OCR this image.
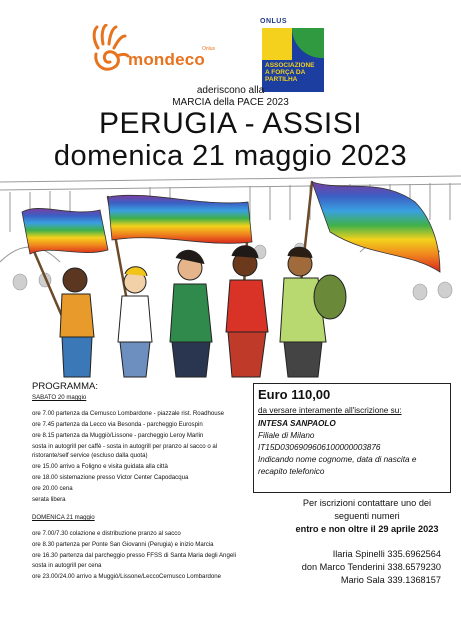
mondeco
Onlus
ONLUS
ASSOCIAZIONE
A FORÇA DA
PARTILHA
aderiscono alla
MARCIA della PACE 2023
PERUGIA - ASSISI
domenica 21 maggio 2023
PROGRAMMA:
SABATO 20 maggio
ore 7.00 partenza da Cernusco Lombardone - piazzale rist. Roadhouse
ore 7.45 partenza da Lecco via Besonda - parcheggio Eurospin
ore 8.15 partenza da Muggiò/Lissone - parcheggio Leroy Marlin
sosta in autogrill per caffè - sosta in autogrill per pranzo al sacco o al
ristorante/self service (escluso dalla quota)
ore 15.00 arrivo a Foligno e visita guidata alla città
ore 18.00 sistemazione presso Victor Center Capodacqua
ore 20.00 cena
serata libera
DOMENICA 21 maggio
ore 7.00/7.30 colazione e distribuzione pranzo al sacco
ore 8.30 partenza per Ponte San Giovanni (Perugia) e inizio Marcia
ore 16.30 partenza dal parcheggio presso FFSS di Santa Maria degli Angeli
sosta in autogrill per cena
ore 23.00/24.00 arrivo a Muggiò/Lissone/LeccoCernusco Lombardone
Euro 110,00
da versare interamente all'iscrizione su:
INTESA SANPAOLO
Filiale di Milano
IT15D0306909606100000003876
Indicando nome cognome, data di nascita e
recapito telefonico
Per iscrizioni contattare uno dei
seguenti numeri
entro e non oltre il 29 aprile 2023
Ilaria Spinelli 335.6962564
don Marco Tenderini 338.6579230
Mario Sala 339.1368157
